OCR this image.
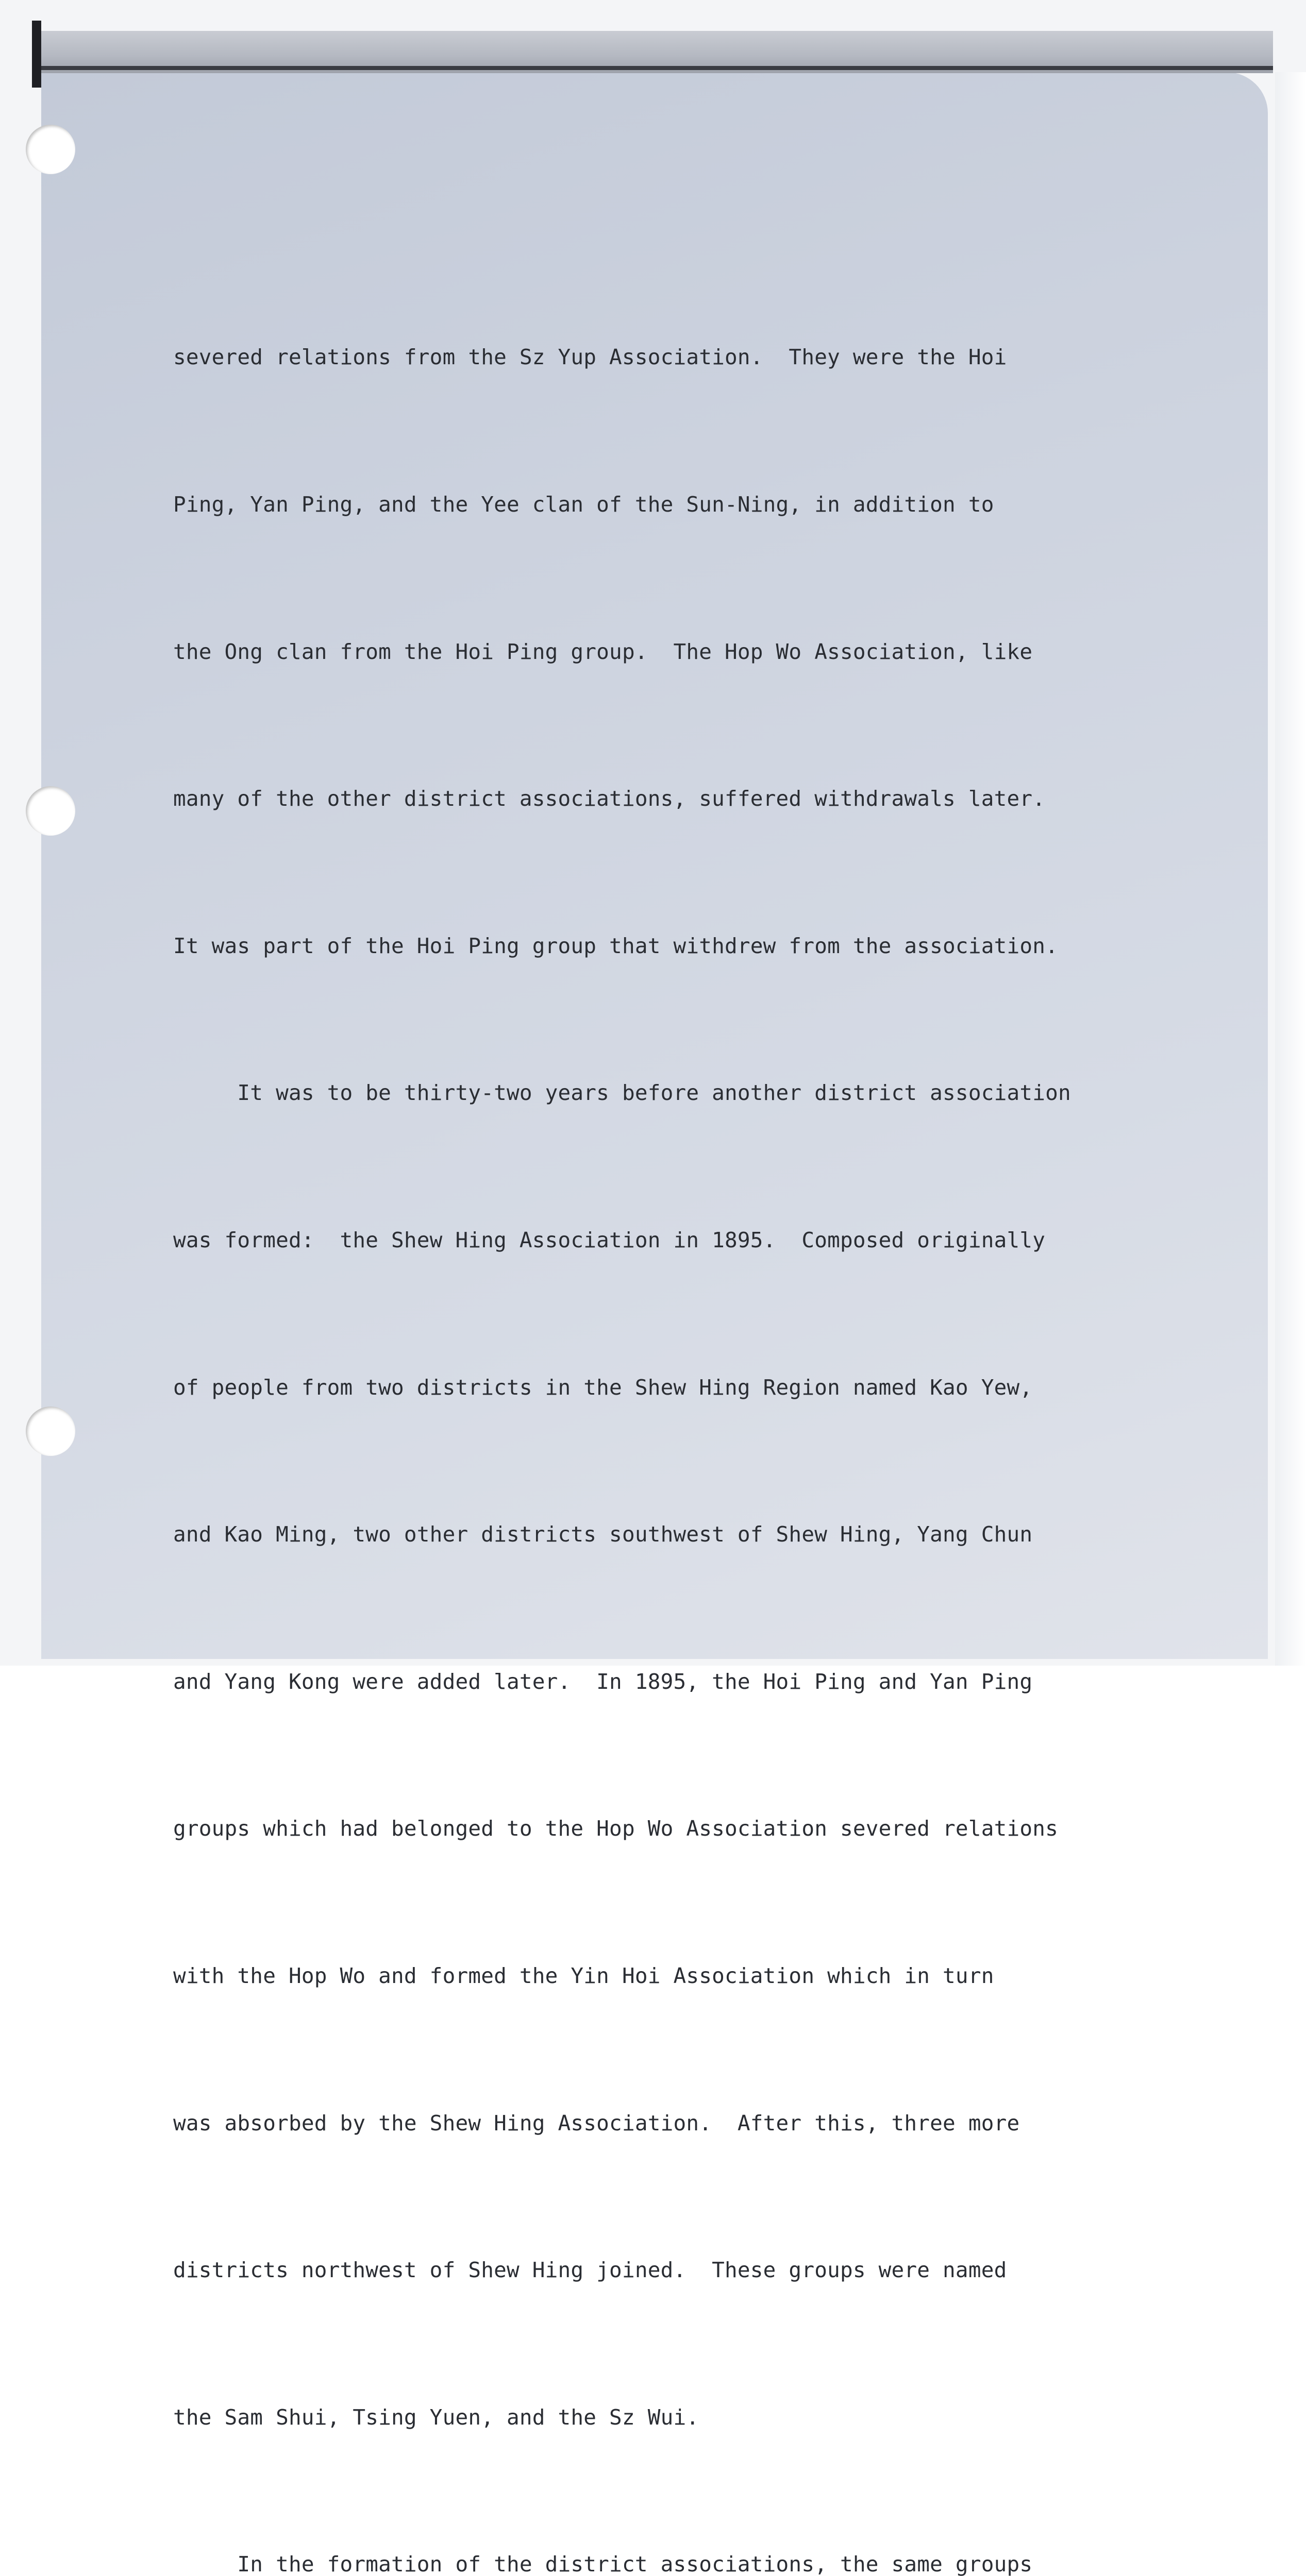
severed relations from the Sz Yup Association.  They were the Hoi

Ping, Yan Ping, and the Yee clan of the Sun-Ning, in addition to

the Ong clan from the Hoi Ping group.  The Hop Wo Association, like

many of the other district associations, suffered withdrawals later.

It was part of the Hoi Ping group that withdrew from the association.

It was to be thirty-two years before another district association

was formed:  the Shew Hing Association in 1895.  Composed originally

of people from two districts in the Shew Hing Region named Kao Yew,

and Kao Ming, two other districts southwest of Shew Hing, Yang Chun

and Yang Kong were added later.  In 1895, the Hoi Ping and Yan Ping

groups which had belonged to the Hop Wo Association severed relations

with the Hop Wo and formed the Yin Hoi Association which in turn

was absorbed by the Shew Hing Association.  After this, three more

districts northwest of Shew Hing joined.  These groups were named

the Sam Shui, Tsing Yuen, and the Sz Wui.

In the formation of the district associations, the same groups
